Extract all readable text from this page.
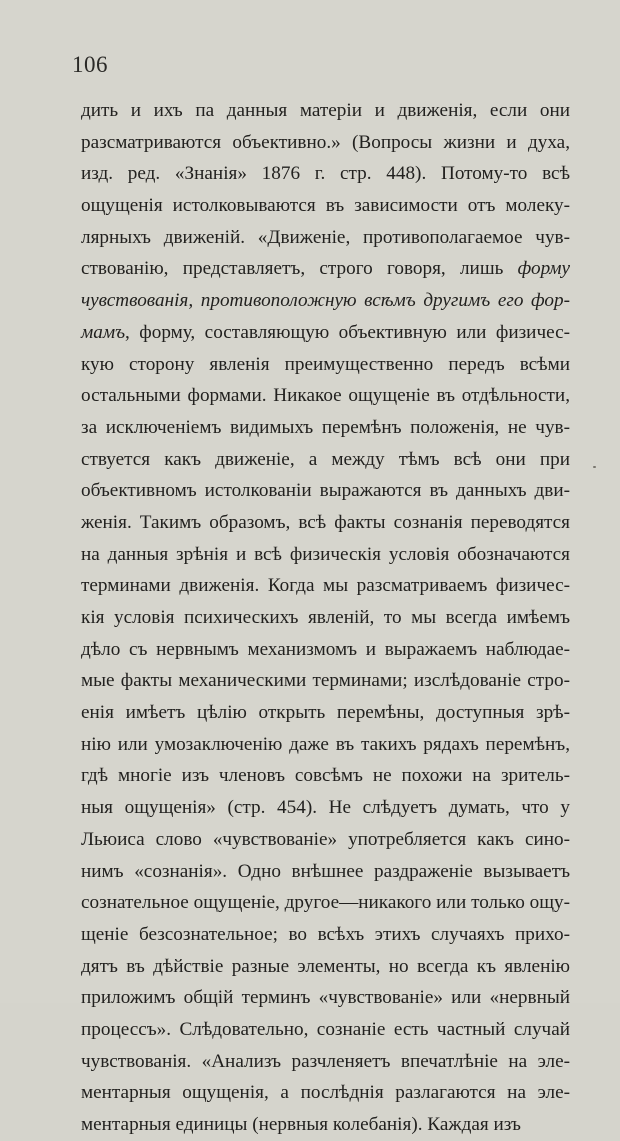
106
дить и ихъ па данныя матерiи и движенiя, если они
разсматриваются объективно.» (Вопросы жизни и духа,
изд. ред. «Знанiя» 1876 г. стр. 448). Потому-то всѣ
ощущенiя истолковываются въ зависимости отъ молеку-
лярныхъ движенiй. «Движенiе, противополагаемое чув-
ствованiю, представляетъ, строго говоря, лишь форму
чувствованiя, противоположную всѣмъ другимъ его фор-
мамъ, форму, составляющую объективную или физичес-
кую сторону явленiя преимущественно передъ всѣми
остальными формами. Никакое ощущенiе въ отдѣльности,
за исключенiемъ видимыхъ перемѣнъ положенiя, не чув-
ствуется какъ движенiе, а между тѣмъ всѣ они при
объективномъ истолкованiи выражаются въ данныхъ дви-
женiя. Такимъ образомъ, всѣ факты сознанiя переводятся
на данныя зрѣнiя и всѣ физическiя условiя обозначаются
терминами движенiя. Когда мы разсматриваемъ физичес-
кiя условiя психическихъ явленiй, то мы всегда имѣемъ
дѣло съ нервнымъ механизмомъ и выражаемъ наблюдае-
мые факты механическими терминами; изслѣдованiе стро-
енiя имѣетъ цѣлiю открыть перемѣны, доступныя зрѣ-
нiю или умозаключенiю даже въ такихъ рядахъ перемѣнъ,
гдѣ многiе изъ членовъ совсѣмъ не похожи на зритель-
ныя ощущенiя» (стр. 454). Не слѣдуетъ думать, что у
Льюиса слово «чувствованiе» употребляется какъ сино-
нимъ «сознанiя». Одно внѣшнее раздраженiе вызываетъ
сознательное ощущенiе, другое—никакого или только ощу-
щенiе безсознательное; во всѣхъ этихъ случаяхъ прихо-
дятъ въ дѣйствiе разные элементы, но всегда къ явленiю
приложимъ общiй терминъ «чувствованiе» или «нервный
процессъ». Слѣдовательно, сознанiе есть частный случай
чувствованiя. «Анализъ разчленяетъ впечатлѣнiе на эле-
ментарныя ощущенiя, а послѣднiя разлагаются на эле-
ментарныя единицы (нервныя колебанiя). Каждая изъ
